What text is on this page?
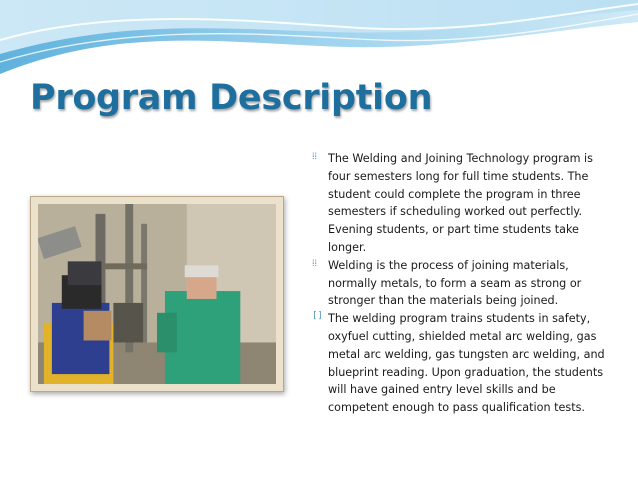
Program Description
⁞⁞ The Welding and Joining Technology program is four semesters long for full time students. The student could complete the program in three semesters if scheduling worked out perfectly. Evening students, or part time students take longer.
⁞⁞ Welding is the process of joining materials, normally metals, to form a seam as strong or stronger than the materials being joined.
[] The welding program trains students in safety, oxyfuel cutting, shielded metal arc welding, gas metal arc welding, gas tungsten arc welding, and blueprint reading. Upon graduation, the students will have gained entry level skills and be competent enough to pass qualification tests.
